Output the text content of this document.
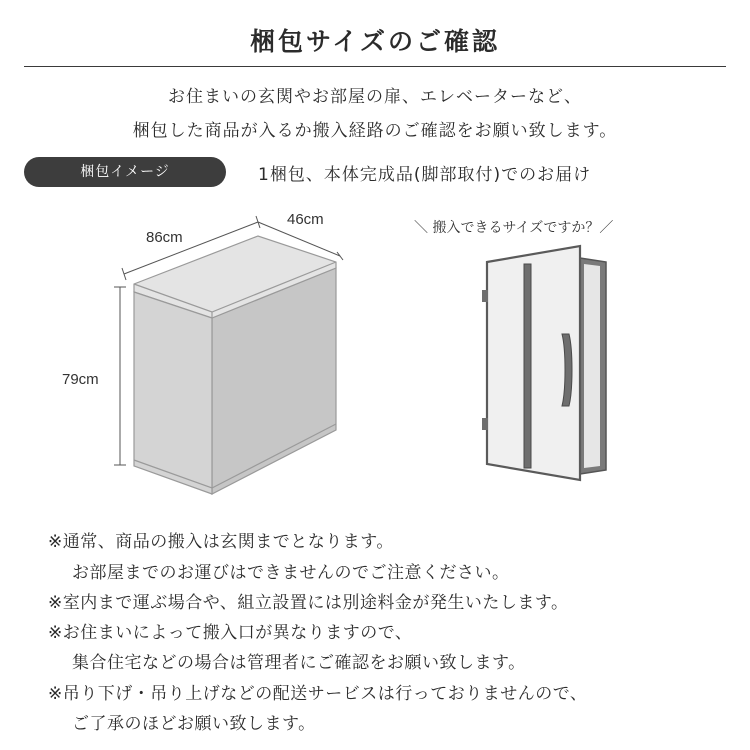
梱包サイズのご確認
お住まいの玄関やお部屋の扉、エレベーターなど、
梱包した商品が入るか搬入経路のご確認をお願い致します。
梱包イメージ	1梱包、本体完成品(脚部取付)でのお届け
86cm
46cm
79cm
＼ 搬入できるサイズですか？／
※通常、商品の搬入は玄関までとなります。
お部屋までのお運びはできませんのでご注意ください。
※室内まで運ぶ場合や、組立設置には別途料金が発生いたします。
※お住まいによって搬入口が異なりますので、
集合住宅などの場合は管理者にご確認をお願い致します。
※吊り下げ・吊り上げなどの配送サービスは行っておりませんので、
ご了承のほどお願い致します。
